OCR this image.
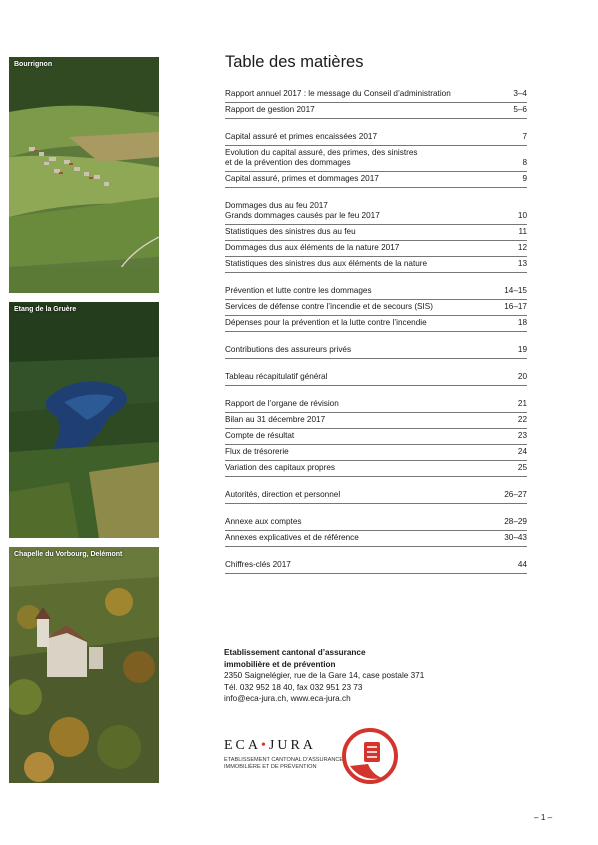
Bourrignon
Etang de la Gruère
Chapelle du Vorbourg, Delémont
Table des matières
Rapport annuel 2017 : le message du Conseil d’administration	3–4
Rapport de gestion 2017	5–6
Capital assuré et primes encaissées 2017	7
Evolution du capital assuré, des primes, des sinistres
et de la prévention des dommages	8
Capital assuré, primes et dommages 2017	9
Dommages dus au feu 2017
Grands dommages causés par le feu 2017	10
Statistiques des sinistres dus au feu	11
Dommages dus aux éléments de la nature 2017	12
Statistiques des sinistres dus aux éléments de la nature	13
Prévention et lutte contre les dommages	14–15
Services de défense contre l’incendie et de secours (SIS)	16–17
Dépenses pour la prévention et la lutte contre l’incendie	18
Contributions des assureurs privés	19
Tableau récapitulatif général	20
Rapport de l’organe de révision	21
Bilan au 31 décembre 2017	22
Compte de résultat	23
Flux de trésorerie	24
Variation des capitaux propres	25
Autorités, direction et personnel	26–27
Annexe aux comptes	28–29
Annexes explicatives et de référence	30–43
Chiffres-clés 2017	44
Etablissement cantonal d’assurance
immobilière et de prévention
2350 Saignelégier, rue de la Gare 14, case postale 371
Tél. 032 952 18 40, fax 032 951 23 73
info@eca-jura.ch, www.eca-jura.ch
ECA•JURA
ETABLISSEMENT CANTONAL D’ASSURANCE
IMMOBILIÈRE ET DE PRÉVENTION
– 1 –
